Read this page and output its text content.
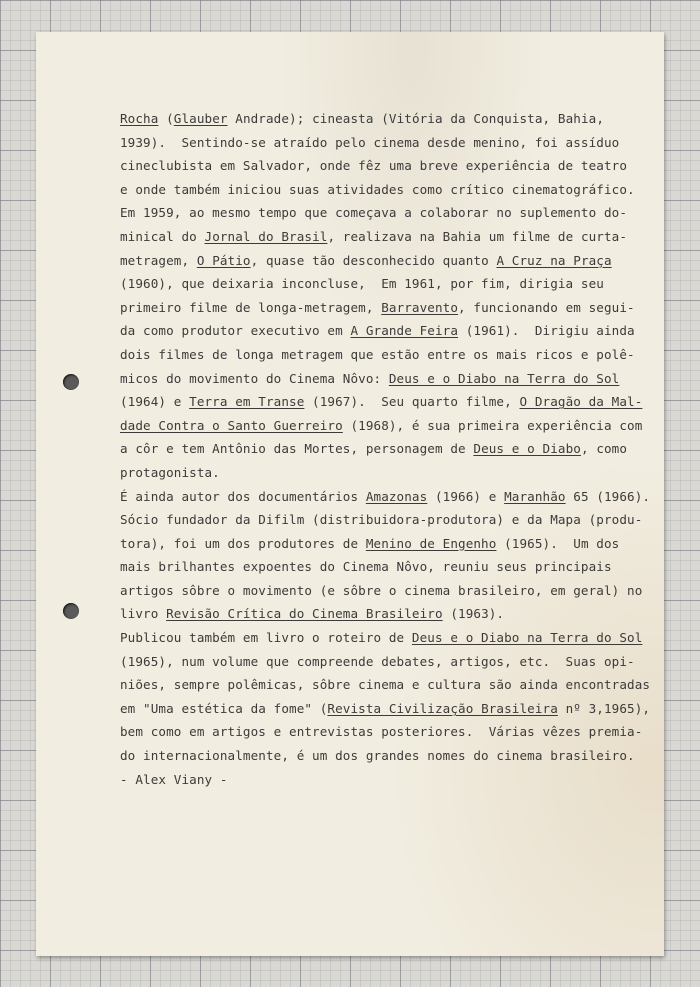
Rocha (Glauber Andrade); cineasta (Vitória da Conquista, Bahia,
1939).  Sentindo-se atraído pelo cinema desde menino, foi assíduo
cineclubista em Salvador, onde fêz uma breve experiência de teatro
e onde também iniciou suas atividades como crítico cinematográfico.
Em 1959, ao mesmo tempo que começava a colaborar no suplemento do-
minical do Jornal do Brasil, realizava na Bahia um filme de curta-
metragem, O Pátio, quase tão desconhecido quanto A Cruz na Praça
(1960), que deixaria inconcluse,  Em 1961, por fim, dirigia seu
primeiro filme de longa-metragem, Barravento, funcionando em segui-
da como produtor executivo em A Grande Feira (1961).  Dirigiu ainda
dois filmes de longa metragem que estão entre os mais ricos e polê-
micos do movimento do Cinema Nôvo: Deus e o Diabo na Terra do Sol
(1964) e Terra em Transe (1967).  Seu quarto filme, O Dragão da Mal-
dade Contra o Santo Guerreiro (1968), é sua primeira experiência com
a côr e tem Antônio das Mortes, personagem de Deus e o Diabo, como
protagonista.
É ainda autor dos documentários Amazonas (1966) e Maranhão 65 (1966).
Sócio fundador da Difilm (distribuidora-produtora) e da Mapa (produ-
tora), foi um dos produtores de Menino de Engenho (1965).  Um dos
mais brilhantes expoentes do Cinema Nôvo, reuniu seus principais
artigos sôbre o movimento (e sôbre o cinema brasileiro, em geral) no
livro Revisão Crítica do Cinema Brasileiro (1963).
Publicou também em livro o roteiro de Deus e o Diabo na Terra do Sol
(1965), num volume que compreende debates, artigos, etc.  Suas opi-
niões, sempre polêmicas, sôbre cinema e cultura são ainda encontradas
em "Uma estética da fome" (Revista Civilização Brasileira nº 3,1965),
bem como em artigos e entrevistas posteriores.  Várias vêzes premia-
do internacionalmente, é um dos grandes nomes do cinema brasileiro.
- Alex Viany -
